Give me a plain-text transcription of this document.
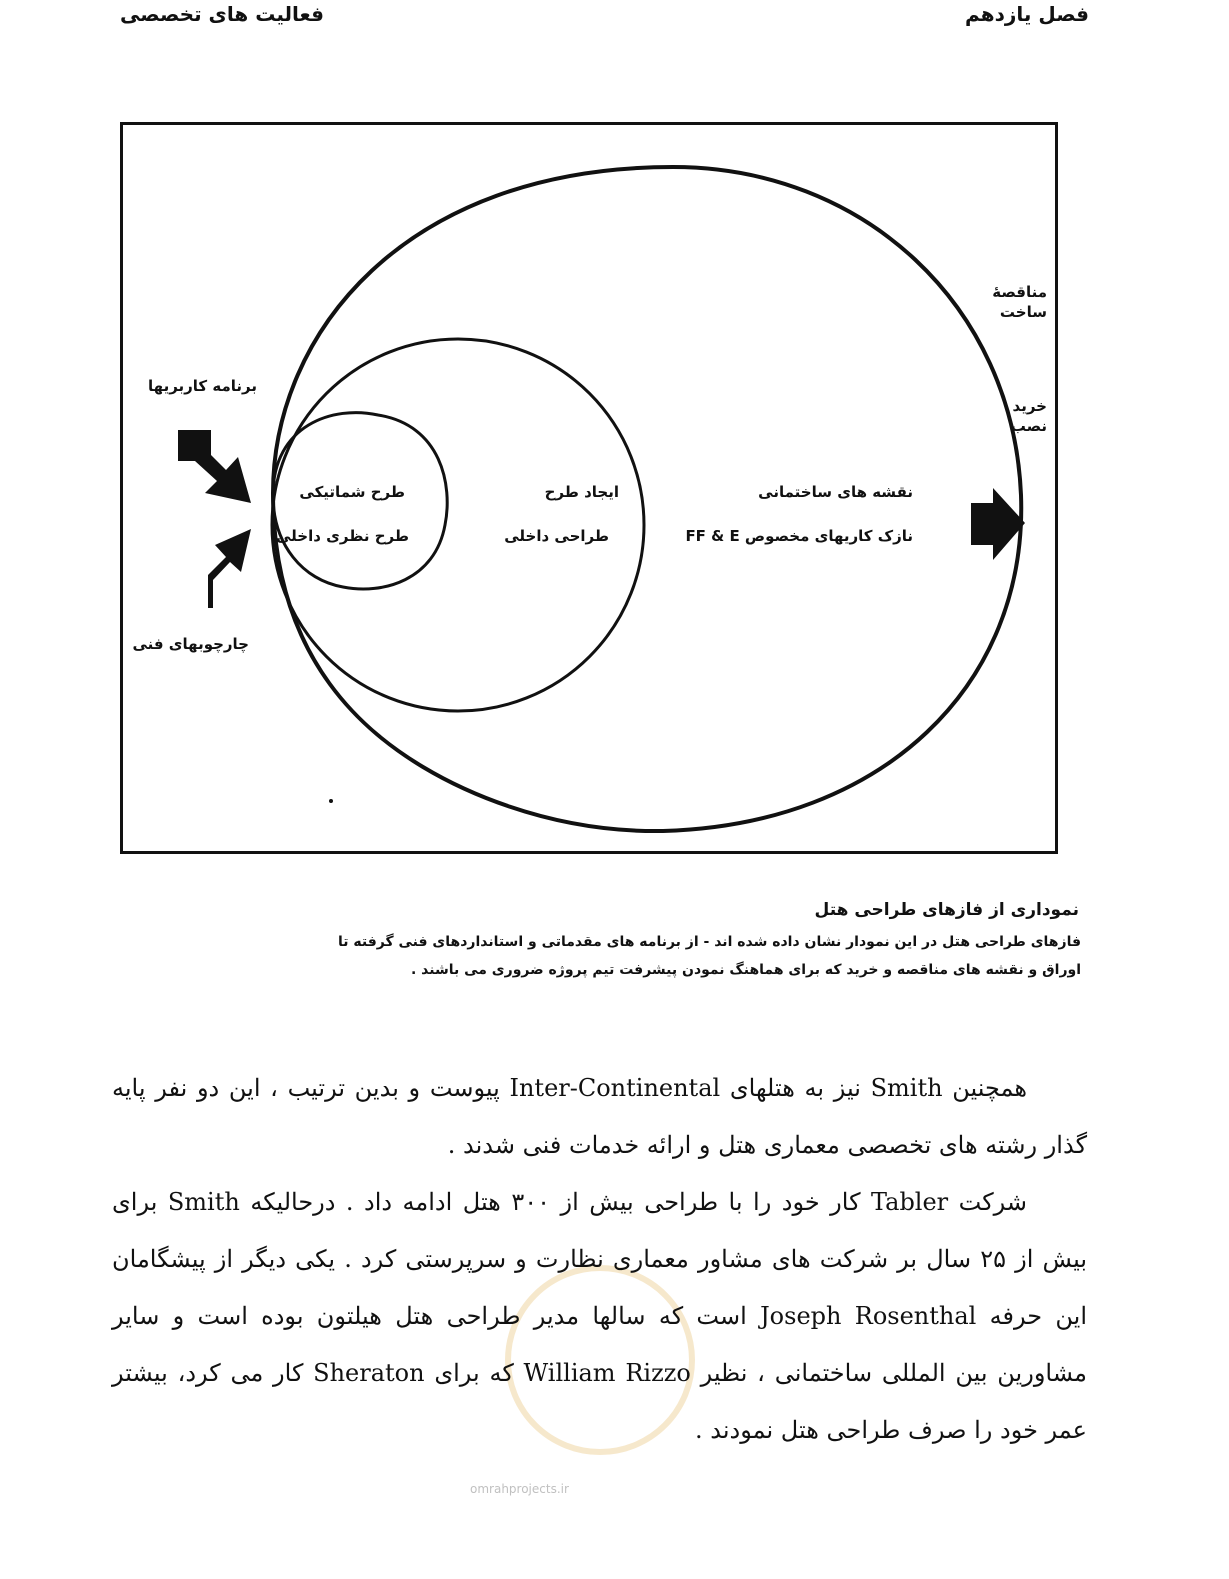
فعالیت های تخصصی	فصل یازدهم
برنامه کاربریها
چارچوبهای فنی
طرح شماتیکی
طرح نظری داخلی
ایجاد طرح
طراحی داخلی
نقشه های ساختمانی
نازک کاریهای مخصوص FF & E
مناقصهٔ
ساخت
خرید
نصب
نموداری از فازهای طراحی هتل
فازهای طراحی هتل در این نمودار نشان داده شده اند - از برنامه های مقدماتی و استانداردهای فنی گرفته تا
اوراق و نقشه های مناقصه و خرید که برای هماهنگ نمودن پیشرفت تیم پروژه ضروری می باشند .
omrahprojects.ir

همچنین Smith نیز به هتلهای Inter-Continental پیوست و بدین ترتیب ، این دو نفر پایه گذار رشته های تخصصی معماری هتل و ارائه خدمات فنی شدند .

شرکت Tabler کار خود را با طراحی بیش از ۳۰۰ هتل ادامه داد . درحالیکه Smith برای بیش از ۲۵ سال بر شرکت های مشاور معماری نظارت و سرپرستی کرد . یکی دیگر از پیشگامان این حرفه Joseph Rosenthal است که سالها مدیر طراحی هتل هیلتون بوده است و سایر مشاورین بین المللی ساختمانی ، نظیر William Rizzo که برای Sheraton کار می کرد، بیشتر عمر خود را صرف طراحی هتل نمودند .
